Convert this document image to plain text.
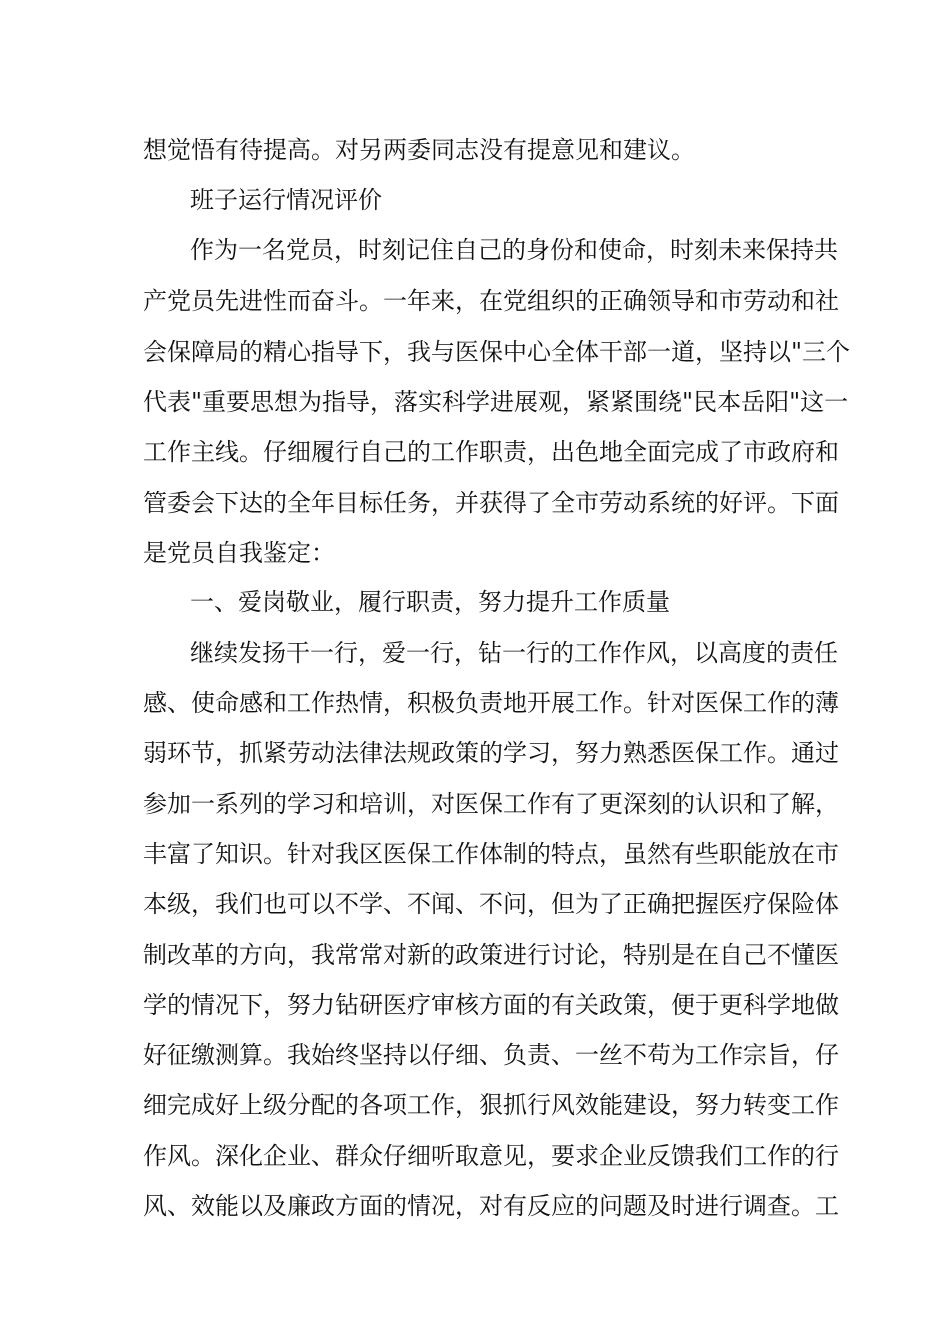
想觉悟有待提高。对另两委同志没有提意见和建议。
班子运行情况评价
作为一名党员，时刻记住自己的身份和使命，时刻未来保持共
产党员先进性而奋斗。一年来，在党组织的正确领导和市劳动和社
会保障局的精心指导下，我与医保中心全体干部一道，坚持以"三个
代表"重要思想为指导，落实科学进展观，紧紧围绕"民本岳阳"这一
工作主线。仔细履行自己的工作职责，出色地全面完成了市政府和
管委会下达的全年目标任务，并获得了全市劳动系统的好评。下面
是党员自我鉴定：
一、爱岗敬业，履行职责，努力提升工作质量
继续发扬干一行，爱一行，钻一行的工作作风，以高度的责任
感、使命感和工作热情，积极负责地开展工作。针对医保工作的薄
弱环节，抓紧劳动法律法规政策的学习，努力熟悉医保工作。通过
参加一系列的学习和培训，对医保工作有了更深刻的认识和了解，
丰富了知识。针对我区医保工作体制的特点，虽然有些职能放在市
本级，我们也可以不学、不闻、不问，但为了正确把握医疗保险体
制改革的方向，我常常对新的政策进行讨论，特别是在自己不懂医
学的情况下，努力钻研医疗审核方面的有关政策，便于更科学地做
好征缴测算。我始终坚持以仔细、负责、一丝不苟为工作宗旨，仔
细完成好上级分配的各项工作，狠抓行风效能建设，努力转变工作
作风。深化企业、群众仔细听取意见，要求企业反馈我们工作的行
风、效能以及廉政方面的情况，对有反应的问题及时进行调查。工
